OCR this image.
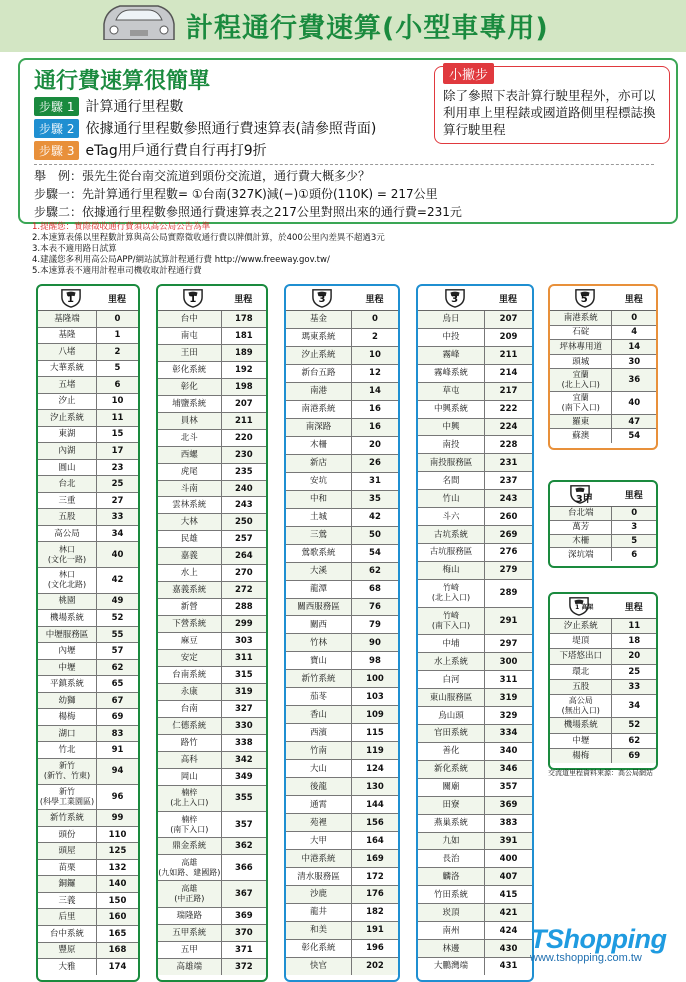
計程通行費速算(小型車專用)
通行費速算很簡單
步驟 1 計算通行里程數
步驟 2 依據通行里程數參照通行費速算表(請參照背面)
步驟 3 eTag用戶通行費自行再打9折
小撇步
除了參照下表計算行駛里程外，亦可以利用車上里程錶或國道路側里程標誌換算行駛里程
舉　例：張先生從台南交流道到頭份交流道，通行費大概多少？
步驟一：先計算通行里程數= ①台南(327K)減(−)①頭份(110K) = 217公里
步驟二：依據通行里程數參照通行費速算表之217公里對照出來的通行費=231元
1.提醒您：實際徵收通行費須以高公局公告為準
2.本速算表係以里程數計算與高公局實際徵收通行費以牌價計算，於400公里內差異不超過3元
3.本表不適用路日試算
4.建議您多利用高公局APP/網站試算計程通行費 http://www.freeway.gov.tw/
5.本速算表不適用計程車司機收取計程通行費
1	里程
基隆端	0
基隆	1
八堵	2
大華系統	5
五堵	6
汐止	10
汐止系統	11
東湖	15
內湖	17
圓山	23
台北	25
三重	27
五股	33
高公局	34
林口
(文化一路)	40
林口
(文化北路)	42
桃園	49
機場系統	52
中壢服務區	55
內壢	57
中壢	62
平鎮系統	65
幼獅	67
楊梅	69
湖口	83
竹北	91
新竹
(新竹、竹東)	94
新竹
(科學工業園區)	96
新竹系統	99
頭份	110
頭屋	125
苗栗	132
銅鑼	140
三義	150
后里	160
台中系統	165
豐原	168
大雅	174
1	里程
台中	178
南屯	181
王田	189
彰化系統	192
彰化	198
埔鹽系統	207
員林	211
北斗	220
西螺	230
虎尾	235
斗南	240
雲林系統	243
大林	250
民雄	257
嘉義	264
水上	270
嘉義系統	272
新營	288
下營系統	299
麻豆	303
安定	311
台南系統	315
永康	319
台南	327
仁德系統	330
路竹	338
高科	342
岡山	349
楠梓
(北上入口)	355
楠梓
(南下入口)	357
鼎金系統	362
高雄
(九如路、建國路)	366
高雄
(中正路)	367
瑞隆路	369
五甲系統	370
五甲	371
高雄端	372
3	里程
基金	0
瑪東系統	2
汐止系統	10
新台五路	12
南港	14
南港系統	16
南深路	16
木柵	20
新店	26
安坑	31
中和	35
土城	42
三鶯	50
鶯歌系統	54
大溪	62
龍潭	68
關西服務區	76
關西	79
竹林	90
寶山	98
新竹系統	100
茄苳	103
香山	109
西濱	115
竹南	119
大山	124
後龍	130
通霄	144
苑裡	156
大甲	164
中港系統	169
清水服務區	172
沙鹿	176
龍井	182
和美	191
彰化系統	196
快官	202
3	里程
烏日	207
中投	209
霧峰	211
霧峰系統	214
草屯	217
中興系統	222
中興	224
南投	228
南投服務區	231
名間	237
竹山	243
斗六	260
古坑系統	269
古坑服務區	276
梅山	279
竹崎
(北上入口)	289
竹崎
(南下入口)	291
中埔	297
水上系統	300
白河	311
東山服務區	319
烏山頭	329
官田系統	334
善化	340
新化系統	346
關廟	357
田寮	369
燕巢系統	383
九如	391
長治	400
麟洛	407
竹田系統	415
崁頂	421
南州	424
林邊	430
大鵬灣端	431
5	里程
南港系統	0
石碇	4
坪林專用道	14
頭城	30
宜蘭
(北上入口)	36
宜蘭
(南下入口)	40
羅東	47
蘇澳	54
3甲	里程
台北端	0
萬芳	3
木柵	5
深坑端	6
1 高架	里程
汐止系統	11
堤頂	18
下塔悠出口	20
環北	25
五股	33
高公局
(無出入口)	34
機場系統	52
中壢	62
楊梅	69
交流道里程資料來源：高公局網站
TShopping
www.tshopping.com.tw
